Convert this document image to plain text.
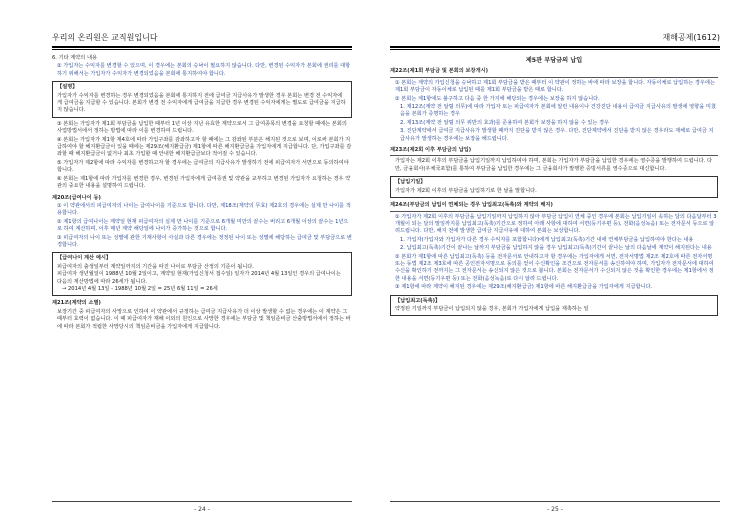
우리의 온리원은 교직원입니다

6. 기타 계약의 내용

② 가입자는 수익자를 변경할 수 있으며, 이 경우에는 본회의 승낙이 필요하지 않습니다. 다만, 변경된 수익자가 본회에 권리를 대항하기 위해서는 가입자가 수익자가 변경되었음을 본회에 통지하여야 합니다.

【설명】
가입자가 수익자를 변경하는 경우 변경되었음을 본회에 통지하지 전에 급여금 지급사유가 발생한 경우 본회는 변경 전 수익자에게 급여금을 지급할 수 있습니다. 본회가 변경 전 수익자에게 급여금을 지급한 경우 변경된 수익자에게는 별도로 급여금을 지급하지 않습니다.

③ 본회는 가입자가 제1회 부담금을 납입한 때부터 1년 이상 지난 유효한 계약으로서 그 급여종목의 변경을 요청할 때에는 본회의 사업방법서에서 정하는 방법에 따라 이를 변경하여 드립니다.

④ 본회는 가입자가 제1항 제4호에 따라 가입구좌를 감좌하고자 할 때에는 그 감좌된 부분은 해지된 것으로 보며, 이로써 본회가 지급하여야 할 해지환급금이 있을 때에는 제29조(해지환급금) 제1항에 따른 해지환급금을 가입자에게 지급합니다. 단, 가입구좌를 감좌할 때 해지환급금이 없거나 최초 가입할 때 안내한 해지환급금보다 적어질 수 있습니다.

⑤ 가입자가 제2항에 따라 수익자를 변경하고자 할 경우에는 급여금의 지급사유가 발생하기 전에 피급여자가 서면으로 동의하여야 합니다.

⑥ 본회는 제1항에 따라 가입자를 변경한 경우, 변경된 가입자에게 급여증권 및 약관을 교부하고 변경된 가입자가 요청하는 경우 약관의 중요한 내용을 설명하여 드립니다.

제20조(급여나이 등)

① 이 약관에서의 피급여자의 나이는 급여나이를 기준으로 합니다. 다만, 제18조(계약의 무효) 제2호의 경우에는 실제 만 나이를 적용합니다.

② 제1항의 급여나이는 계약일 현재 피급여자의 실제 만 나이를 기준으로 6개월 미만의 끝수는 버리고 6개월 이상의 끝수는 1년으로 하여 계산하며, 이후 매년 계약 해당일에 나이가 증가하는 것으로 합니다.

③ 피급여자의 나이 또는 성별에 관한 기재사항이 사실과 다른 경우에는 정정된 나이 또는 성별에 해당하는 급여금 및 부담금으로 변경합니다.

【급여나이 계산 예시】
피급여자의 출생일부터 계약일까지의 기간을 따진 나이로 부담금 산정의 기준이 됩니다.
피급여자 생년월일이 1988년 10월 2일이고, 계약일 현재(가입신청서 접수일) 일자가 2014년 4월 13일인 경우의 급여나이는 다음의 계산방법에 따라 26세가 됩니다.
→ 2014년 4월 13일 - 1988년 10월 2일 = 25년 6월 11일 = 26세

제21조(계약의 소멸)

보장기간 중 피급여자의 사망으로 인하여 이 약관에서 규정하는 급여금 지급사유가 더 이상 발생할 수 없는 경우에는 이 계약은 그 때부터 효력이 없습니다. 이 때 피급여자가 재해 이외의 원인으로 사망한 경우에는 부담금 및 책임준비금 산출방법서에서 정하는 바에 따라 본회가 적립한 사망당시의 책임준비금을 가입자에게 지급합니다.

- 24 -
재해공제(1612)
제5관 부담금의 납입

제22조(제1회 부담금 및 본회의 보장개시)

① 본회는 계약의 가입신청을 승낙하고 제1회 부담금을 받은 때부터 이 약관이 정하는 바에 따라 보장을 합니다. 자동이체로 납입하는 경우에는 제1회 부담금이 자동이체로 납입된 때를 제1회 부담금을 받은 때로 합니다.

② 본회는 제1항에도 불구하고 다음 중 한 가지에 해당되는 경우에는 보장을 하지 않습니다.

1. 제12조(계약 전 알릴 의무)에 따라 가입자 또는 피급여자가 본회에 알린 내용이나 건강진단 내용이 급여금 지급사유의 발생에 영향을 미쳤음을 본회가 증명하는 경우

2. 제13조(계약 전 알릴 의무 위반의 효과)를 준용하여 본회가 보장을 하지 않을 수 있는 경우

3. 진단계약에서 급여금 지급사유가 발생할 때까지 진단을 받지 않은 경우. 다만, 진단계약에서 진단을 받지 않은 경우라도 재해로 급여금 지급사유가 발생하는 경우에는 보장을 해드립니다.

제23조(제2회 이후 부담금의 납입)

가입자는 제2회 이후의 부담금을 납입기일까지 납입하여야 하며, 본회는 가입자가 부담금을 납입한 경우에는 영수증을 발행하여 드립니다. 다만, 금융회사(우체국포함)를 통하여 부담금을 납입한 경우에는 그 금융회사가 발행한 증빙서류를 영수증으로 대신합니다.

【납입기일】
가입자가 제2회 이후의 부담금을 납입하기로 한 날을 말합니다.

제24조(부담금의 납입이 연체되는 경우 납입최고(독촉)와 계약의 해지)

① 가입자가 제2회 이후의 부담금을 납입기일까지 납입하지 않아 부담금 납입이 연체 중인 경우에 본회는 납입기일이 속하는 달의 다음달부터 3개월이 되는 달의 말일까지를 납입최고(독촉)기간으로 정하여 아래 사항에 대하여 서면(등기우편 등), 전화(음성녹음) 또는 전자문서 등으로 알려드립니다. 다만, 해지 전에 발생한 급여금 지급사유에 대하여 본회는 보상합니다.

1. 가입자(가입자와 가입자가 다른 경우 수익자를 포함합니다)에게 납입최고(독촉)기간 내에 연체부담금을 납입하여야 한다는 내용

2. 납입최고(독촉)기간이 끝나는 날까지 부담금을 납입하지 않을 경우 납입최고(독촉)기간이 끝나는 날의 다음날에 계약이 해지된다는 내용

② 본회가 제1항에 따른 납입최고(독촉) 등을 전자문서로 안내하고자 할 경우에는 가입자에게 서면, 전자서명법 제2조 제2호에 따른 전자서명 또는 동법 제2조 제3호에 따른 공인전자서명으로 동의를 얻어 수신확인을 조건으로 전자문서를 송신하여야 하며, 가입자가 전자문서에 대하여 수신을 확인하기 전까지는 그 전자문서는 송신되지 않은 것으로 봅니다. 본회는 전자문서가 수신되지 않은 것을 확인한 경우에는 제1항에서 정한 내용을 서면(등기우편 등) 또는 전화(음성녹음)로 다시 알려 드립니다.

③ 제1항에 따라 계약이 해지된 경우에는 제29조(해지환급금) 제1항에 따른 해지환급금을 가입자에게 지급합니다.

【납입최고(독촉)】
약정된 기일까지 부담금이 납입되지 않을 경우, 본회가 가입자에게 납입을 재촉하는 일
- 25 -
